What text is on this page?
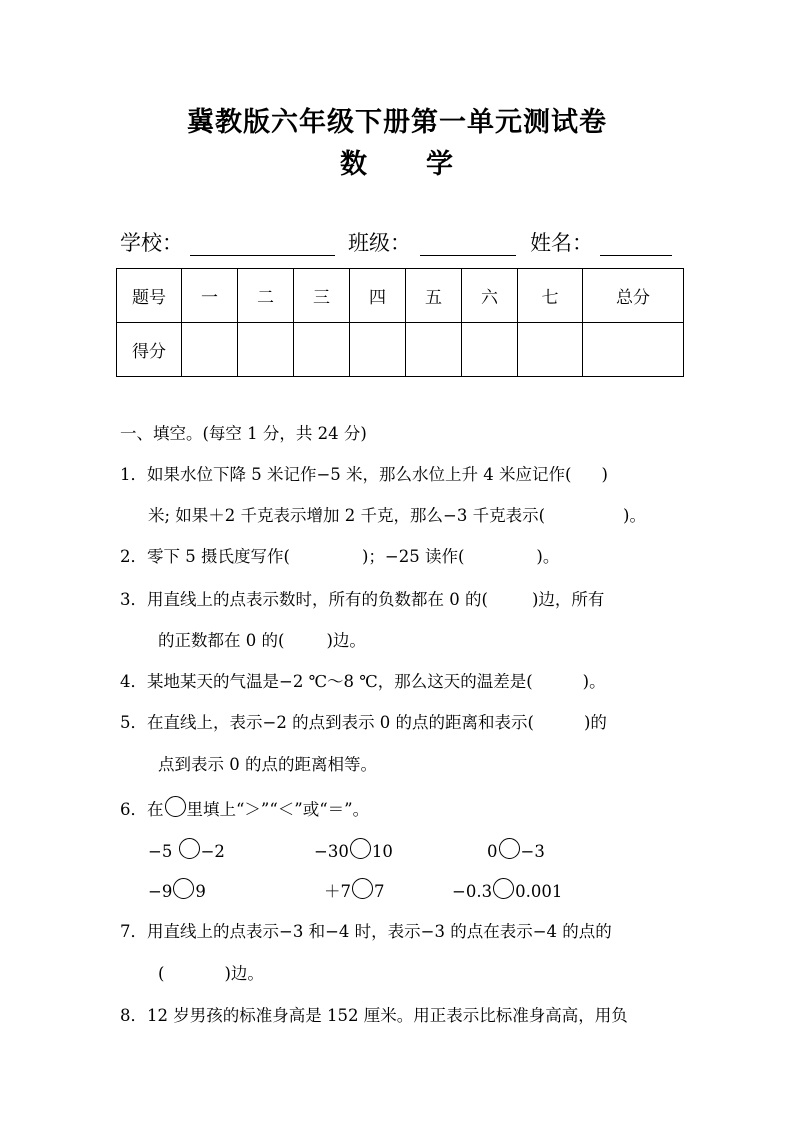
冀教版六年级下册第一单元测试卷
数 学
学校：	班级：	姓名：
题号	一	二	三	四	五	六	七	总分
得分								
一、填空。(每空 1 分，共 24 分)
1．如果水位下降 5 米记作−5 米，那么水位上升 4 米应记作( )
米; 如果＋2 千克表示增加 2 千克，那么−3 千克表示(	)。
2．零下 5 摄氏度写作(	)；−25 读作(	)。
3．用直线上的点表示数时，所有的负数都在 0 的(	)边，所有
的正数都在 0 的(	)边。
4．某地某天的气温是−2 ℃～8 ℃，那么这天的温差是(	)。
5．在直线上，表示−2 的点到表示 0 的点的距离和表示(	)的
点到表示 0 的点的距离相等。
6．在 里填上“＞”“＜”或“＝”。
−5 −2	−30 10	0 −3
−9 9	＋7 7	−0.3 0.001
7．用直线上的点表示−3 和−4 时，表示−3 的点在表示−4 的点的
(	)边。
8．12 岁男孩的标准身高是 152 厘米。用正表示比标准身高高，用负
